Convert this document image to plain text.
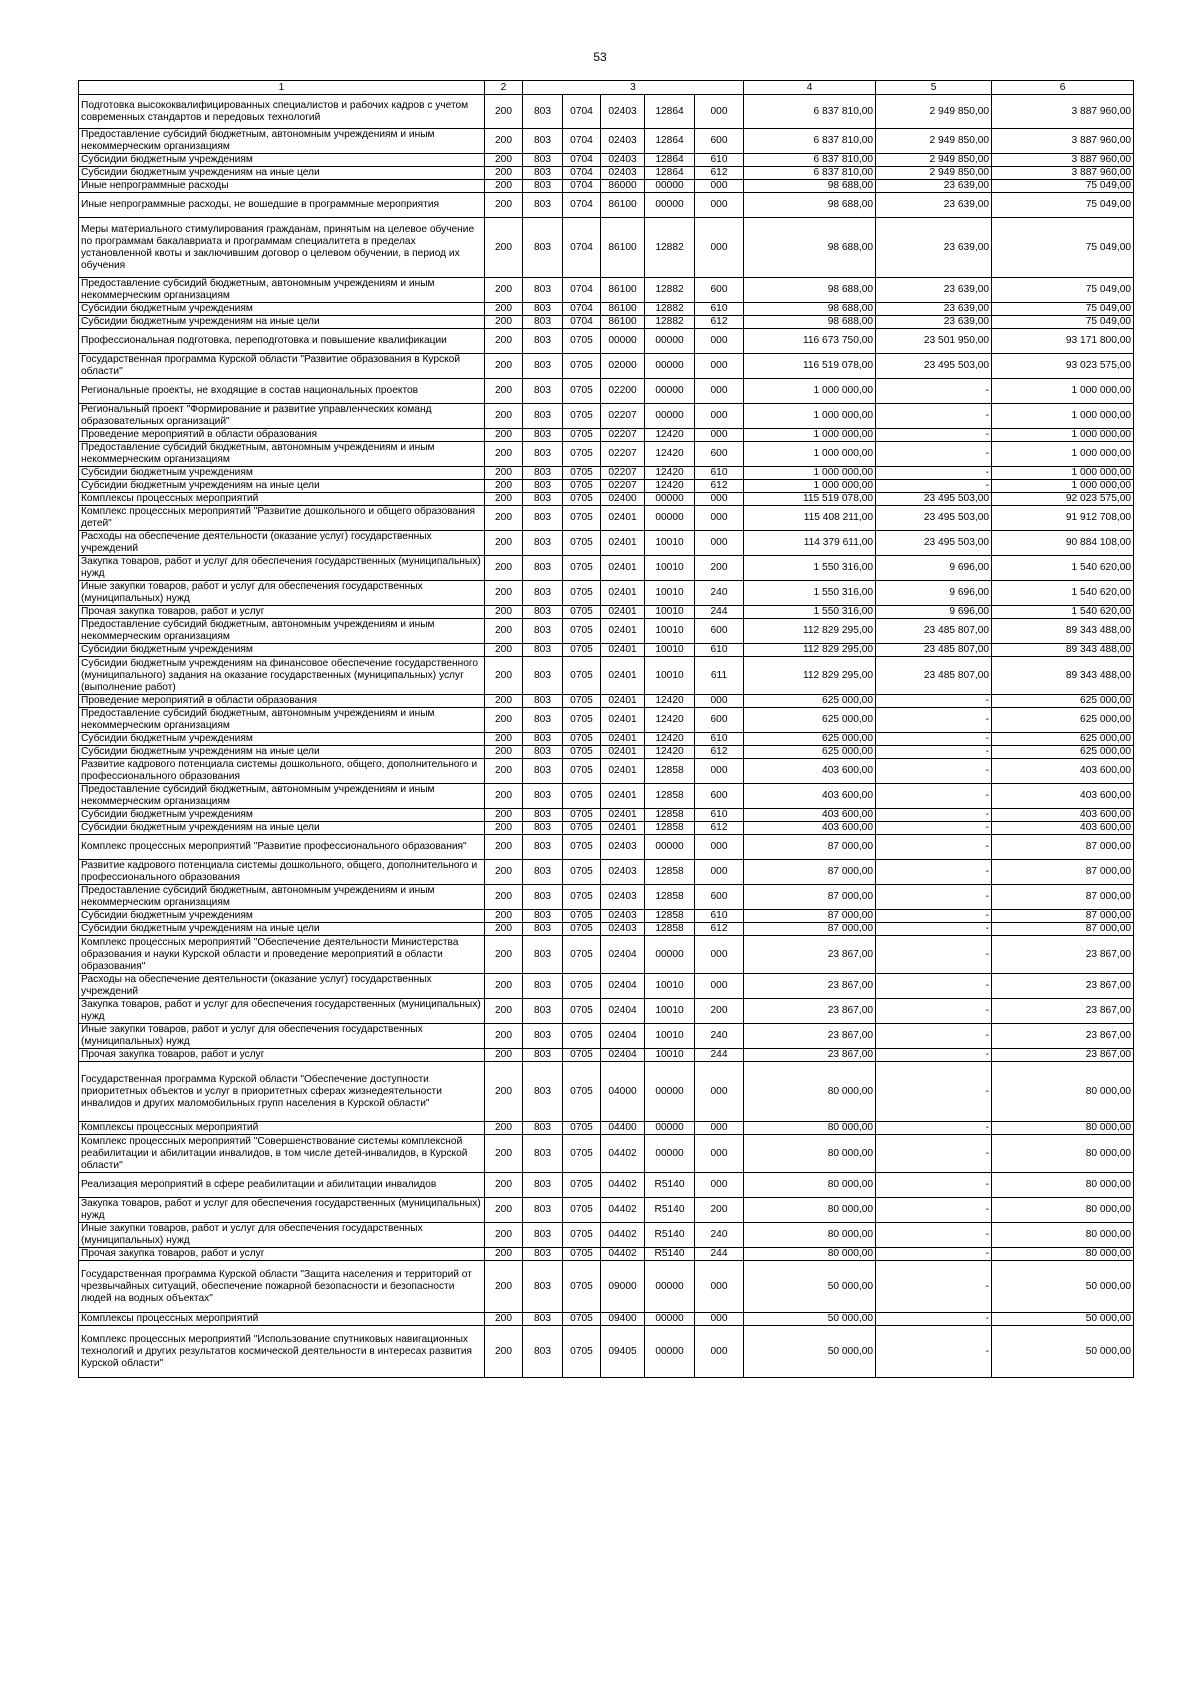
53
1	2	3					4	5	6
Подготовка высококвалифицированных специалистов и рабочих кадров с учетом современных стандартов и передовых технологий	200	803	0704	02403	12864	000	6 837 810,00	2 949 850,00	3 887 960,00
Предоставление субсидий бюджетным, автономным учреждениям и иным некоммерческим организациям	200	803	0704	02403	12864	600	6 837 810,00	2 949 850,00	3 887 960,00
Субсидии бюджетным учреждениям	200	803	0704	02403	12864	610	6 837 810,00	2 949 850,00	3 887 960,00
Субсидии бюджетным учреждениям на иные цели	200	803	0704	02403	12864	612	6 837 810,00	2 949 850,00	3 887 960,00
Иные непрограммные расходы	200	803	0704	86000	00000	000	98 688,00	23 639,00	75 049,00
Иные непрограммные расходы, не вошедшие в программные мероприятия	200	803	0704	86100	00000	000	98 688,00	23 639,00	75 049,00
Меры материального стимулирования гражданам, принятым на целевое обучение по программам бакалавриата и программам специалитета в пределах установленной квоты и заключившим договор о целевом обучении, в период их обучения	200	803	0704	86100	12882	000	98 688,00	23 639,00	75 049,00
Предоставление субсидий бюджетным, автономным учреждениям и иным некоммерческим организациям	200	803	0704	86100	12882	600	98 688,00	23 639,00	75 049,00
Субсидии бюджетным учреждениям	200	803	0704	86100	12882	610	98 688,00	23 639,00	75 049,00
Субсидии бюджетным учреждениям на иные цели	200	803	0704	86100	12882	612	98 688,00	23 639,00	75 049,00
Профессиональная подготовка, переподготовка и повышение квалификации	200	803	0705	00000	00000	000	116 673 750,00	23 501 950,00	93 171 800,00
Государственная программа Курской области "Развитие образования в Курской области"	200	803	0705	02000	00000	000	116 519 078,00	23 495 503,00	93 023 575,00
Региональные проекты, не входящие в состав национальных проектов	200	803	0705	02200	00000	000	1 000 000,00	-	1 000 000,00
Региональный проект "Формирование и развитие управленческих команд образовательных организаций"	200	803	0705	02207	00000	000	1 000 000,00	-	1 000 000,00
Проведение мероприятий в области образования	200	803	0705	02207	12420	000	1 000 000,00	-	1 000 000,00
Предоставление субсидий бюджетным, автономным учреждениям и иным некоммерческим организациям	200	803	0705	02207	12420	600	1 000 000,00	-	1 000 000,00
Субсидии бюджетным учреждениям	200	803	0705	02207	12420	610	1 000 000,00	-	1 000 000,00
Субсидии бюджетным учреждениям на иные цели	200	803	0705	02207	12420	612	1 000 000,00	-	1 000 000,00
Комплексы процессных мероприятий	200	803	0705	02400	00000	000	115 519 078,00	23 495 503,00	92 023 575,00
Комплекс процессных мероприятий "Развитие дошкольного и общего образования детей"	200	803	0705	02401	00000	000	115 408 211,00	23 495 503,00	91 912 708,00
Расходы на обеспечение деятельности (оказание услуг) государственных учреждений	200	803	0705	02401	10010	000	114 379 611,00	23 495 503,00	90 884 108,00
Закупка товаров, работ и услуг для обеспечения государственных (муниципальных) нужд	200	803	0705	02401	10010	200	1 550 316,00	9 696,00	1 540 620,00
Иные закупки товаров, работ и услуг для обеспечения государственных (муниципальных) нужд	200	803	0705	02401	10010	240	1 550 316,00	9 696,00	1 540 620,00
Прочая закупка товаров, работ и услуг	200	803	0705	02401	10010	244	1 550 316,00	9 696,00	1 540 620,00
Предоставление субсидий бюджетным, автономным учреждениям и иным некоммерческим организациям	200	803	0705	02401	10010	600	112 829 295,00	23 485 807,00	89 343 488,00
Субсидии бюджетным учреждениям	200	803	0705	02401	10010	610	112 829 295,00	23 485 807,00	89 343 488,00
Субсидии бюджетным учреждениям на финансовое обеспечение государственного (муниципального) задания на оказание государственных (муниципальных) услуг (выполнение работ)	200	803	0705	02401	10010	611	112 829 295,00	23 485 807,00	89 343 488,00
Проведение мероприятий в области образования	200	803	0705	02401	12420	000	625 000,00	-	625 000,00
Предоставление субсидий бюджетным, автономным учреждениям и иным некоммерческим организациям	200	803	0705	02401	12420	600	625 000,00	-	625 000,00
Субсидии бюджетным учреждениям	200	803	0705	02401	12420	610	625 000,00	-	625 000,00
Субсидии бюджетным учреждениям на иные цели	200	803	0705	02401	12420	612	625 000,00	-	625 000,00
Развитие кадрового потенциала системы дошкольного, общего, дополнительного и профессионального образования	200	803	0705	02401	12858	000	403 600,00	-	403 600,00
Предоставление субсидий бюджетным, автономным учреждениям и иным некоммерческим организациям	200	803	0705	02401	12858	600	403 600,00	-	403 600,00
Субсидии бюджетным учреждениям	200	803	0705	02401	12858	610	403 600,00	-	403 600,00
Субсидии бюджетным учреждениям на иные цели	200	803	0705	02401	12858	612	403 600,00	-	403 600,00
Комплекс процессных мероприятий "Развитие профессионального образования"	200	803	0705	02403	00000	000	87 000,00	-	87 000,00
Развитие кадрового потенциала системы дошкольного, общего, дополнительного и профессионального образования	200	803	0705	02403	12858	000	87 000,00	-	87 000,00
Предоставление субсидий бюджетным, автономным учреждениям и иным некоммерческим организациям	200	803	0705	02403	12858	600	87 000,00	-	87 000,00
Субсидии бюджетным учреждениям	200	803	0705	02403	12858	610	87 000,00	-	87 000,00
Субсидии бюджетным учреждениям на иные цели	200	803	0705	02403	12858	612	87 000,00	-	87 000,00
Комплекс процессных мероприятий "Обеспечение деятельности Министерства образования и науки Курской области и проведение мероприятий в области образования"	200	803	0705	02404	00000	000	23 867,00	-	23 867,00
Расходы на обеспечение деятельности (оказание услуг) государственных учреждений	200	803	0705	02404	10010	000	23 867,00	-	23 867,00
Закупка товаров, работ и услуг для обеспечения государственных (муниципальных) нужд	200	803	0705	02404	10010	200	23 867,00	-	23 867,00
Иные закупки товаров, работ и услуг для обеспечения государственных (муниципальных) нужд	200	803	0705	02404	10010	240	23 867,00	-	23 867,00
Прочая закупка товаров, работ и услуг	200	803	0705	02404	10010	244	23 867,00	-	23 867,00
Государственная программа Курской области "Обеспечение доступности приоритетных объектов и услуг в приоритетных сферах жизнедеятельности инвалидов и других маломобильных групп населения в Курской области"	200	803	0705	04000	00000	000	80 000,00	-	80 000,00
Комплексы процессных мероприятий	200	803	0705	04400	00000	000	80 000,00	-	80 000,00
Комплекс процессных мероприятий "Совершенствование системы комплексной реабилитации и абилитации инвалидов, в том числе детей-инвалидов, в Курской области"	200	803	0705	04402	00000	000	80 000,00	-	80 000,00
Реализация мероприятий в сфере реабилитации и абилитации инвалидов	200	803	0705	04402	R5140	000	80 000,00	-	80 000,00
Закупка товаров, работ и услуг для обеспечения государственных (муниципальных) нужд	200	803	0705	04402	R5140	200	80 000,00	-	80 000,00
Иные закупки товаров, работ и услуг для обеспечения государственных (муниципальных) нужд	200	803	0705	04402	R5140	240	80 000,00	-	80 000,00
Прочая закупка товаров, работ и услуг	200	803	0705	04402	R5140	244	80 000,00	-	80 000,00
Государственная программа Курской области "Защита населения и территорий от чрезвычайных ситуаций, обеспечение пожарной безопасности и безопасности людей на водных объектах"	200	803	0705	09000	00000	000	50 000,00	-	50 000,00
Комплексы процессных мероприятий	200	803	0705	09400	00000	000	50 000,00	-	50 000,00
Комплекс процессных мероприятий "Использование спутниковых навигационных технологий и других результатов космической деятельности в интересах развития Курской области"	200	803	0705	09405	00000	000	50 000,00	-	50 000,00
